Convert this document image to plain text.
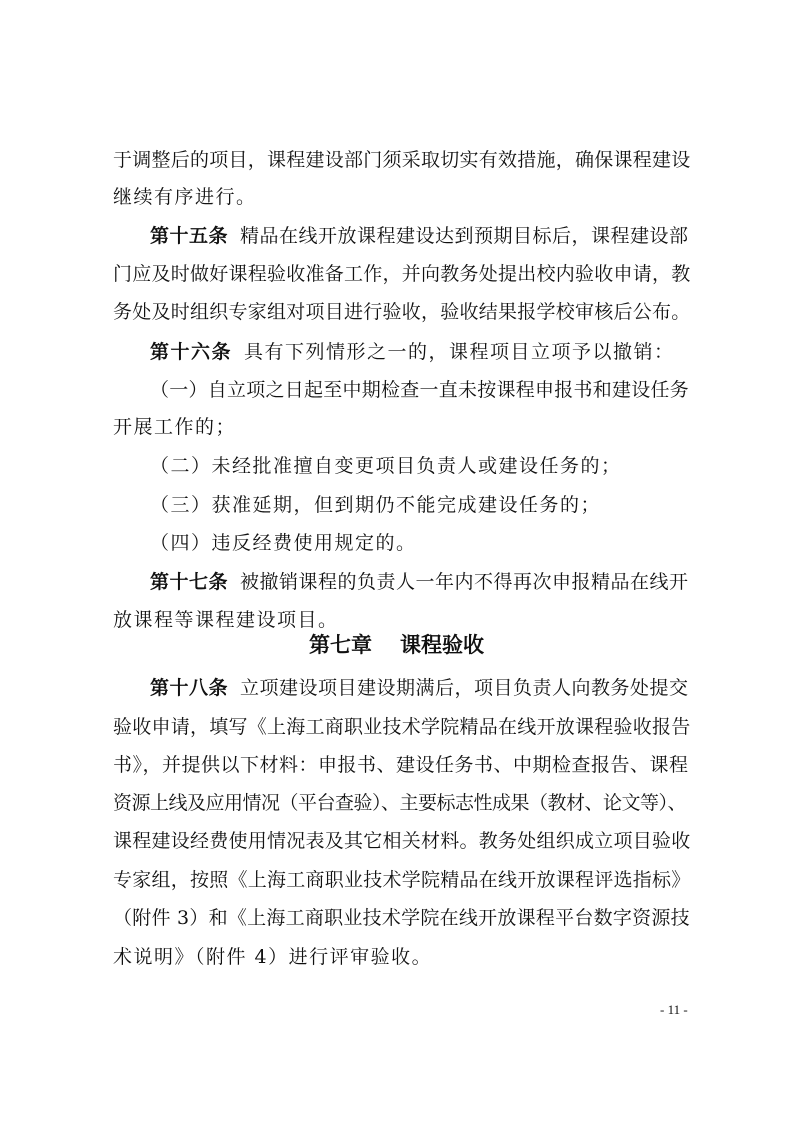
于调整后的项目，课程建设部门须采取切实有效措施，确保课程建设
继续有序进行。
第十五条 精品在线开放课程建设达到预期目标后，课程建设部
门应及时做好课程验收准备工作，并向教务处提出校内验收申请，教
务处及时组织专家组对项目进行验收，验收结果报学校审核后公布。
第十六条 具有下列情形之一的，课程项目立项予以撤销：
（一）自立项之日起至中期检查一直未按课程申报书和建设任务
开展工作的；
（二）未经批准擅自变更项目负责人或建设任务的；
（三）获准延期，但到期仍不能完成建设任务的；
（四）违反经费使用规定的。
第十七条 被撤销课程的负责人一年内不得再次申报精品在线开
放课程等课程建设项目。
第七章 课程验收
第十八条 立项建设项目建设期满后，项目负责人向教务处提交
验收申请，填写《上海工商职业技术学院精品在线开放课程验收报告
书》，并提供以下材料：申报书、建设任务书、中期检查报告、课程
资源上线及应用情况（平台查验）、主要标志性成果（教材、论文等）、
课程建设经费使用情况表及其它相关材料。教务处组织成立项目验收
专家组，按照《上海工商职业技术学院精品在线开放课程评选指标》
（附件 3）和《上海工商职业技术学院在线开放课程平台数字资源技
术说明》（附件 4）进行评审验收。
- 11 -
